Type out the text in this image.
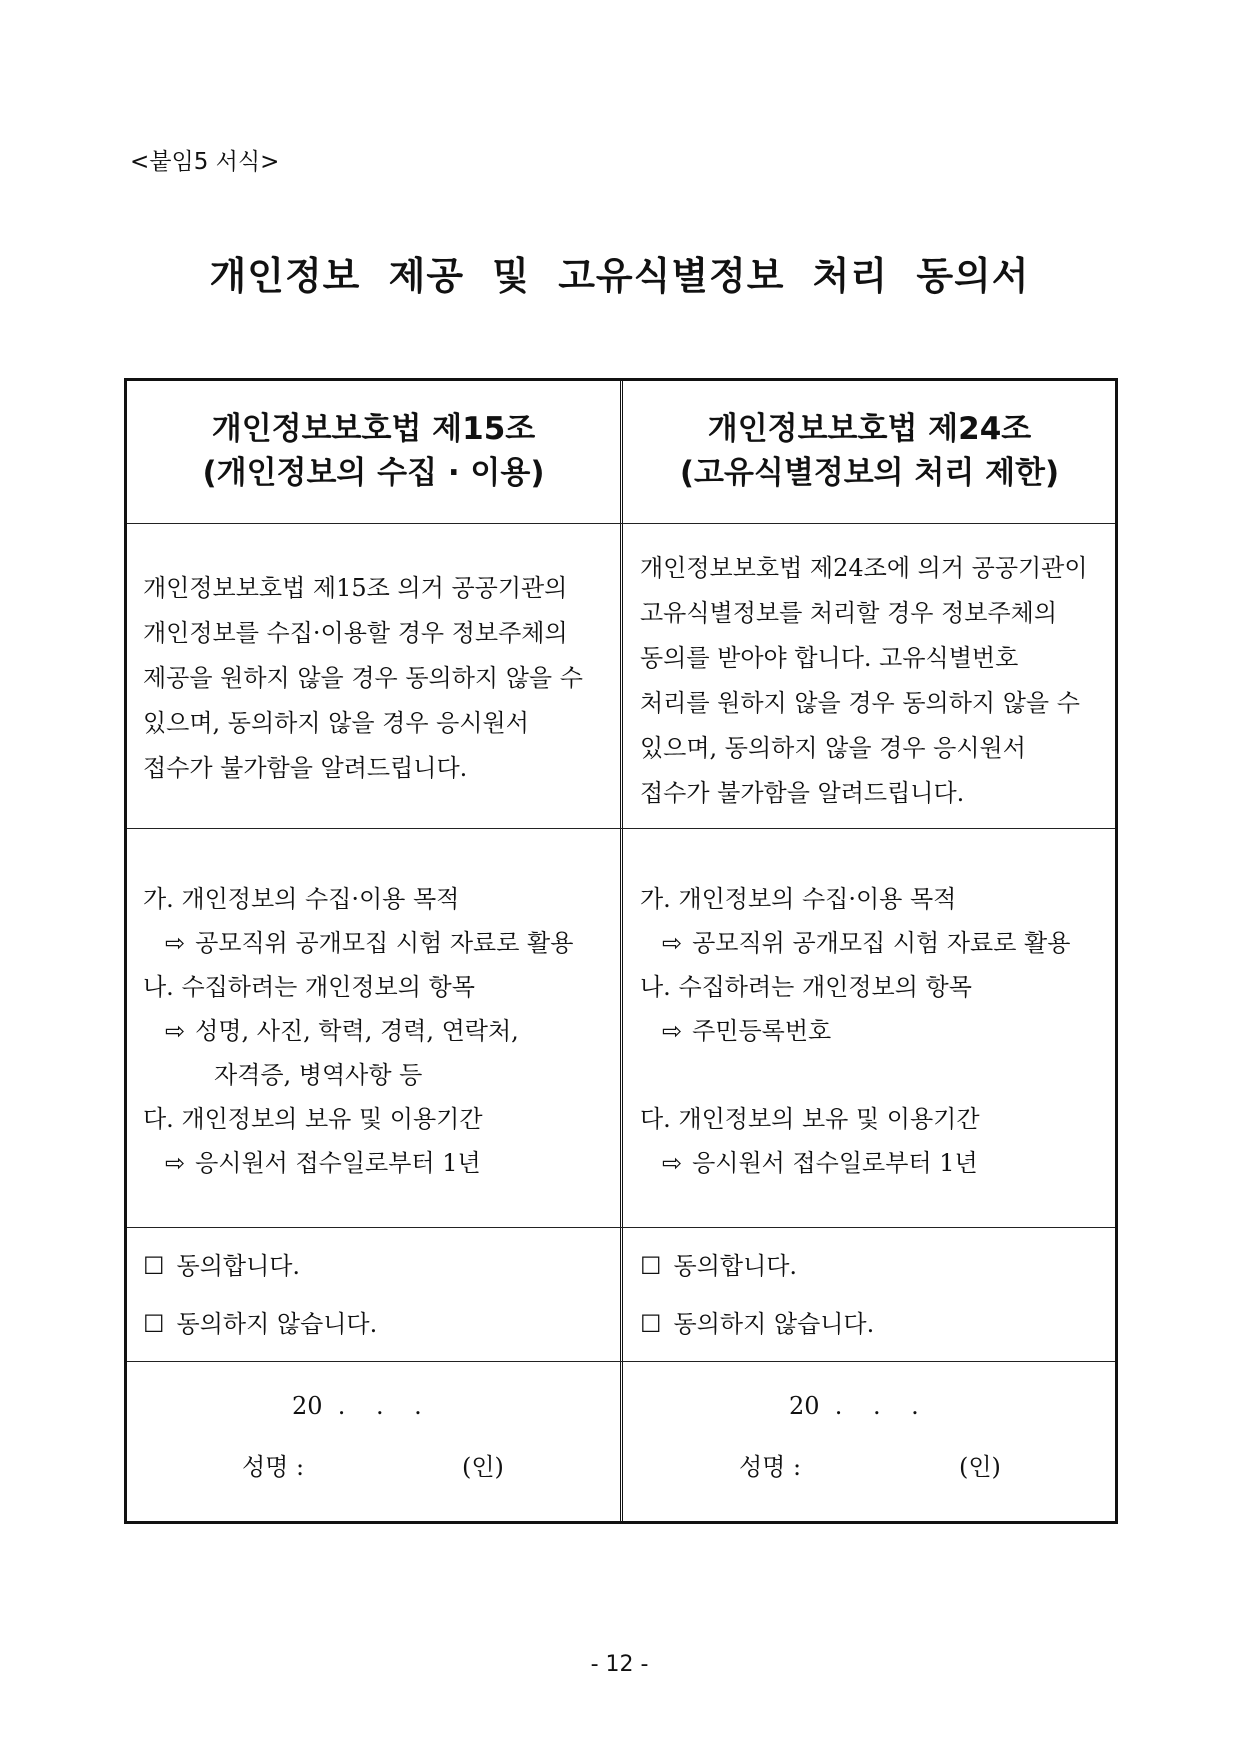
<붙임5 서식>
개인정보 제공 및 고유식별정보 처리 동의서
개인정보보호법 제15조
(개인정보의 수집 · 이용)
개인정보보호법 제15조 의거 공공기관의
개인정보를 수집·이용할 경우 정보주체의
제공을 원하지 않을 경우 동의하지 않을 수
있으며, 동의하지 않을 경우 응시원서
접수가 불가함을 알려드립니다.
가. 개인정보의 수집·이용 목적
⇨ 공모직위 공개모집 시험 자료로 활용
나. 수집하려는 개인정보의 항목
⇨ 성명, 사진, 학력, 경력, 연락처,
자격증, 병역사항 등
다. 개인정보의 보유 및 이용기간
⇨ 응시원서 접수일로부터 1년
☐ 동의합니다.
☐ 동의하지 않습니다.
20  .    .    .
성명 :	(인)
개인정보보호법 제24조
(고유식별정보의 처리 제한)
개인정보보호법 제24조에 의거 공공기관이
고유식별정보를 처리할 경우 정보주체의
동의를 받아야 합니다. 고유식별번호
처리를 원하지 않을 경우 동의하지 않을 수
있으며, 동의하지 않을 경우 응시원서
접수가 불가함을 알려드립니다.
가. 개인정보의 수집·이용 목적
⇨ 공모직위 공개모집 시험 자료로 활용
나. 수집하려는 개인정보의 항목
⇨ 주민등록번호

다. 개인정보의 보유 및 이용기간
⇨ 응시원서 접수일로부터 1년
☐ 동의합니다.
☐ 동의하지 않습니다.
20  .    .    .
성명 :	(인)
- 12 -
